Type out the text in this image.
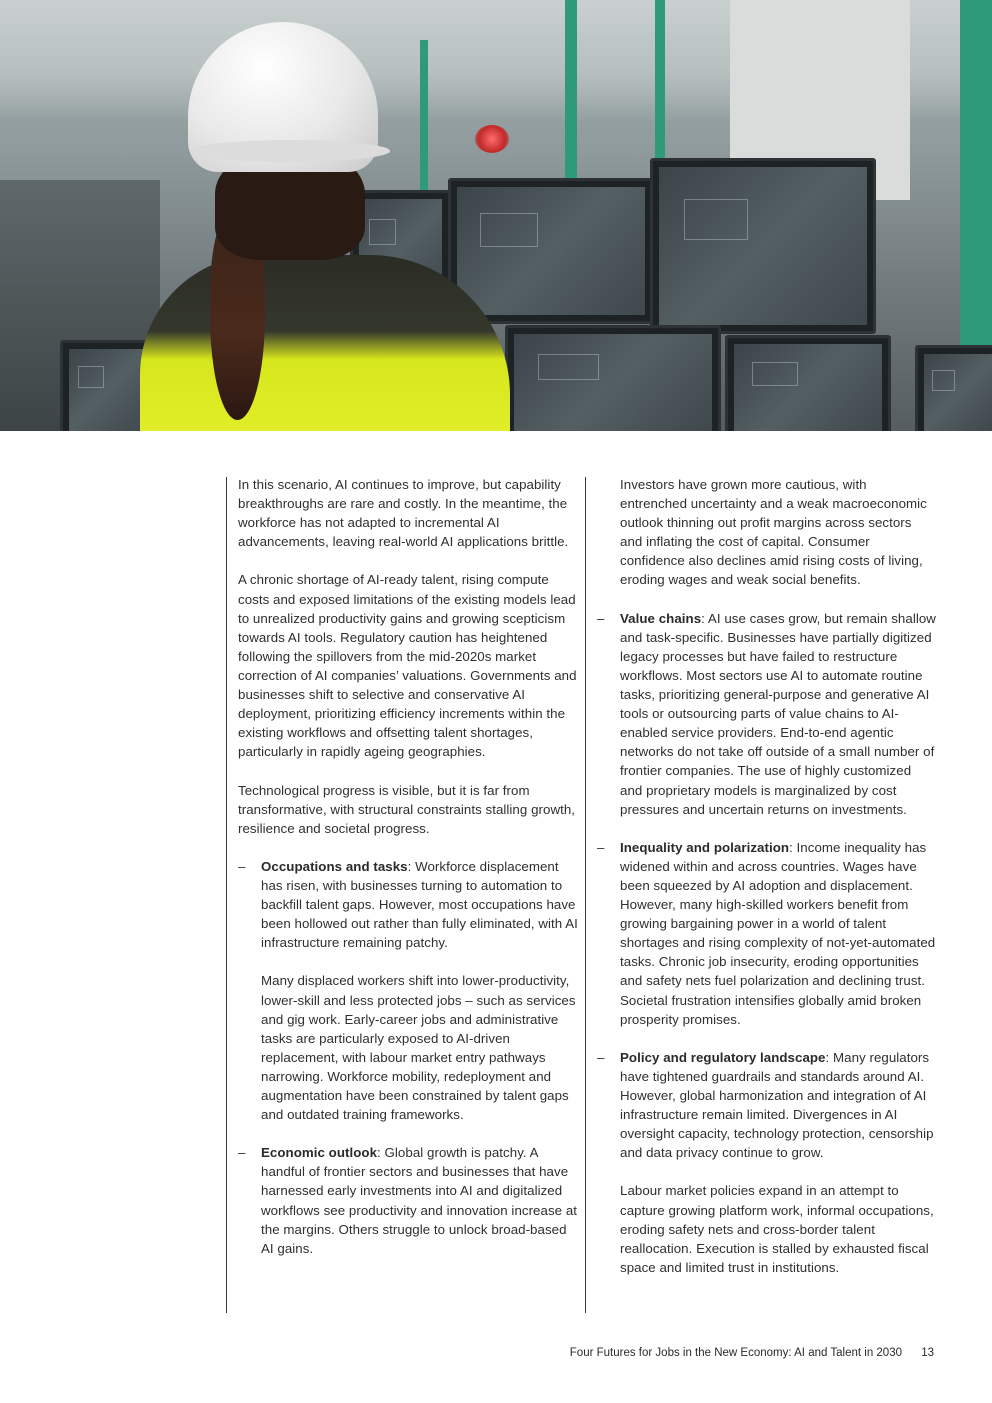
In this scenario, AI continues to improve, but capability breakthroughs are rare and costly. In the meantime, the workforce has not adapted to incremental AI advancements, leaving real-world AI applications brittle.

A chronic shortage of AI-ready talent, rising compute costs and exposed limitations of the existing models lead to unrealized productivity gains and growing scepticism towards AI tools. Regulatory caution has heightened following the spillovers from the mid-2020s market correction of AI companies’ valuations. Governments and businesses shift to selective and conservative AI deployment, prioritizing efficiency increments within the existing workflows and offsetting talent shortages, particularly in rapidly ageing geographies.

Technological progress is visible, but it is far from transformative, with structural constraints stalling growth, resilience and societal progress.

– Occupations and tasks: Workforce displacement has risen, with businesses turning to automation to backfill talent gaps. However, most occupations have been hollowed out rather than fully eliminated, with AI infrastructure remaining patchy.
Many displaced workers shift into lower-productivity, lower-skill and less protected jobs – such as services and gig work. Early-career jobs and administrative tasks are particularly exposed to AI-driven replacement, with labour market entry pathways narrowing. Workforce mobility, redeployment and augmentation have been constrained by talent gaps and outdated training frameworks.
– Economic outlook: Global growth is patchy. A handful of frontier sectors and businesses that have harnessed early investments into AI and digitalized workflows see productivity and innovation increase at the margins. Others struggle to unlock broad-based AI gains.

Investors have grown more cautious, with entrenched uncertainty and a weak macroeconomic outlook thinning out profit margins across sectors and inflating the cost of capital. Consumer confidence also declines amid rising costs of living, eroding wages and weak social benefits.

– Value chains: AI use cases grow, but remain shallow and task-specific. Businesses have partially digitized legacy processes but have failed to restructure workflows. Most sectors use AI to automate routine tasks, prioritizing general-purpose and generative AI tools or outsourcing parts of value chains to AI-enabled service providers. End-to-end agentic networks do not take off outside of a small number of frontier companies. The use of highly customized and proprietary models is marginalized by cost pressures and uncertain returns on investments.
– Inequality and polarization: Income inequality has widened within and across countries. Wages have been squeezed by AI adoption and displacement. However, many high-skilled workers benefit from growing bargaining power in a world of talent shortages and rising complexity of not-yet-automated tasks. Chronic job insecurity, eroding opportunities and safety nets fuel polarization and declining trust. Societal frustration intensifies globally amid broken prosperity promises.
– Policy and regulatory landscape: Many regulators have tightened guardrails and standards around AI. However, global harmonization and integration of AI infrastructure remain limited. Divergences in AI oversight capacity, technology protection, censorship and data privacy continue to grow.
Labour market policies expand in an attempt to capture growing platform work, informal occupations, eroding safety nets and cross-border talent reallocation. Execution is stalled by exhausted fiscal space and limited trust in institutions.
Four Futures for Jobs in the New Economy: AI and Talent in 2030 13
